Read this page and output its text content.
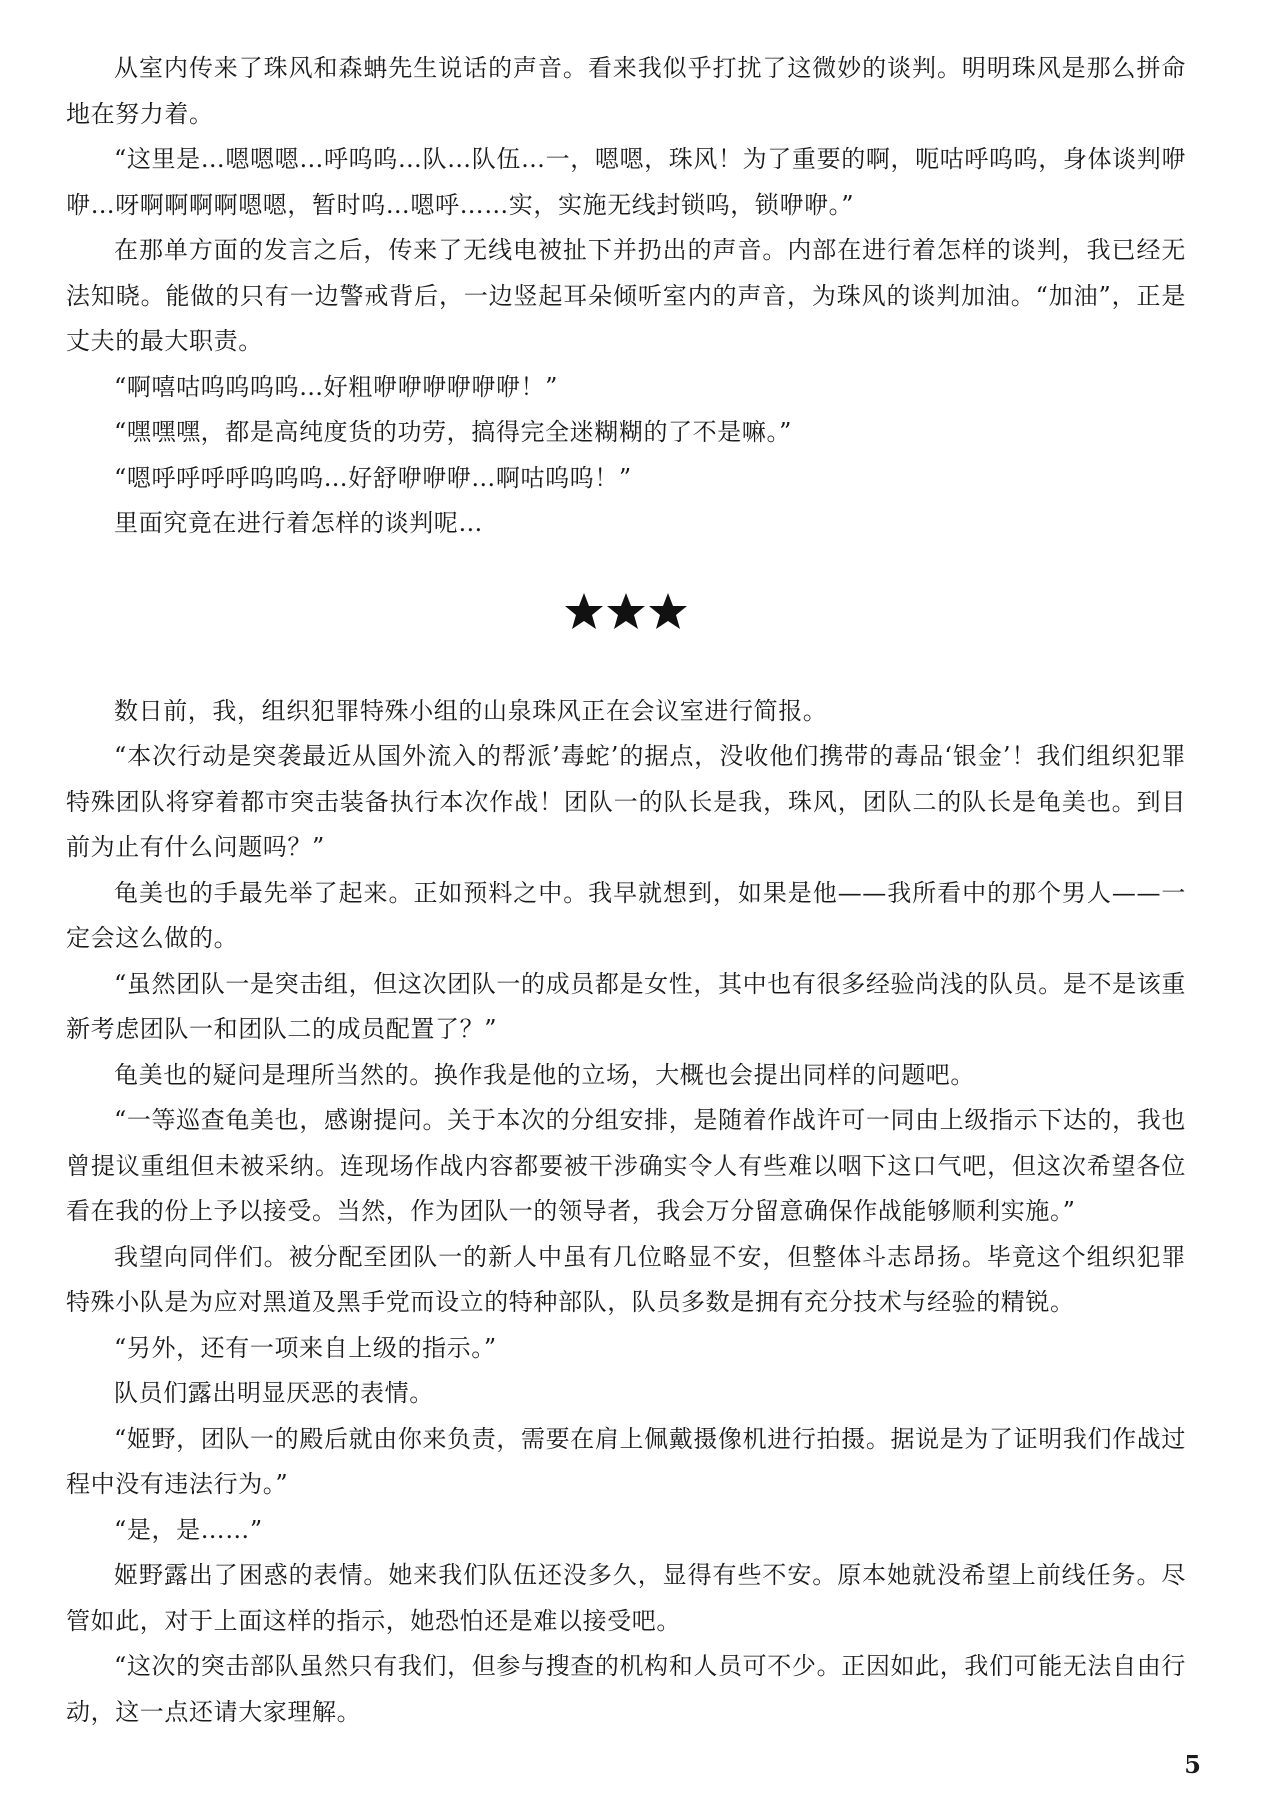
从室内传来了珠风和森蚺先生说话的声音。看来我似乎打扰了这微妙的谈判。明明珠风是那么拼命地在努力着。

“这里是…嗯嗯嗯…呼呜呜…队…队伍…一，嗯嗯，珠风！为了重要的啊，呃咕呼呜呜，身体谈判咿咿…呀啊啊啊啊嗯嗯，暂时呜…嗯呼……实，实施无线封锁呜，锁咿咿。”

在那单方面的发言之后，传来了无线电被扯下并扔出的声音。内部在进行着怎样的谈判，我已经无法知晓。能做的只有一边警戒背后，一边竖起耳朵倾听室内的声音，为珠风的谈判加油。“加油”，正是丈夫的最大职责。

“啊嘻咕呜呜呜呜…好粗咿咿咿咿咿咿！”

“嘿嘿嘿，都是高纯度货的功劳，搞得完全迷糊糊的了不是嘛。”

“嗯呼呼呼呼呜呜呜…好舒咿咿咿…啊咕呜呜！”

里面究竟在进行着怎样的谈判呢…

数日前，我，组织犯罪特殊小组的山泉珠风正在会议室进行简报。

“本次行动是突袭最近从国外流入的帮派’毒蛇’的据点，没收他们携带的毒品‘银金’！我们组织犯罪特殊团队将穿着都市突击装备执行本次作战！团队一的队长是我，珠风，团队二的队长是龟美也。到目前为止有什么问题吗？”

龟美也的手最先举了起来。正如预料之中。我早就想到，如果是他——我所看中的那个男人——一定会这么做的。

“虽然团队一是突击组，但这次团队一的成员都是女性，其中也有很多经验尚浅的队员。是不是该重新考虑团队一和团队二的成员配置了？”

龟美也的疑问是理所当然的。换作我是他的立场，大概也会提出同样的问题吧。

“一等巡查龟美也，感谢提问。关于本次的分组安排，是随着作战许可一同由上级指示下达的，我也曾提议重组但未被采纳。连现场作战内容都要被干涉确实令人有些难以咽下这口气吧，但这次希望各位看在我的份上予以接受。当然，作为团队一的领导者，我会万分留意确保作战能够顺利实施。”

我望向同伴们。被分配至团队一的新人中虽有几位略显不安，但整体斗志昂扬。毕竟这个组织犯罪特殊小队是为应对黑道及黑手党而设立的特种部队，队员多数是拥有充分技术与经验的精锐。

“另外，还有一项来自上级的指示。”

队员们露出明显厌恶的表情。

“姬野，团队一的殿后就由你来负责，需要在肩上佩戴摄像机进行拍摄。据说是为了证明我们作战过程中没有违法行为。”

“是，是……”

姬野露出了困惑的表情。她来我们队伍还没多久，显得有些不安。原本她就没希望上前线任务。尽管如此，对于上面这样的指示，她恐怕还是难以接受吧。

“这次的突击部队虽然只有我们，但参与搜查的机构和人员可不少。正因如此，我们可能无法自由行动，这一点还请大家理解。

5
